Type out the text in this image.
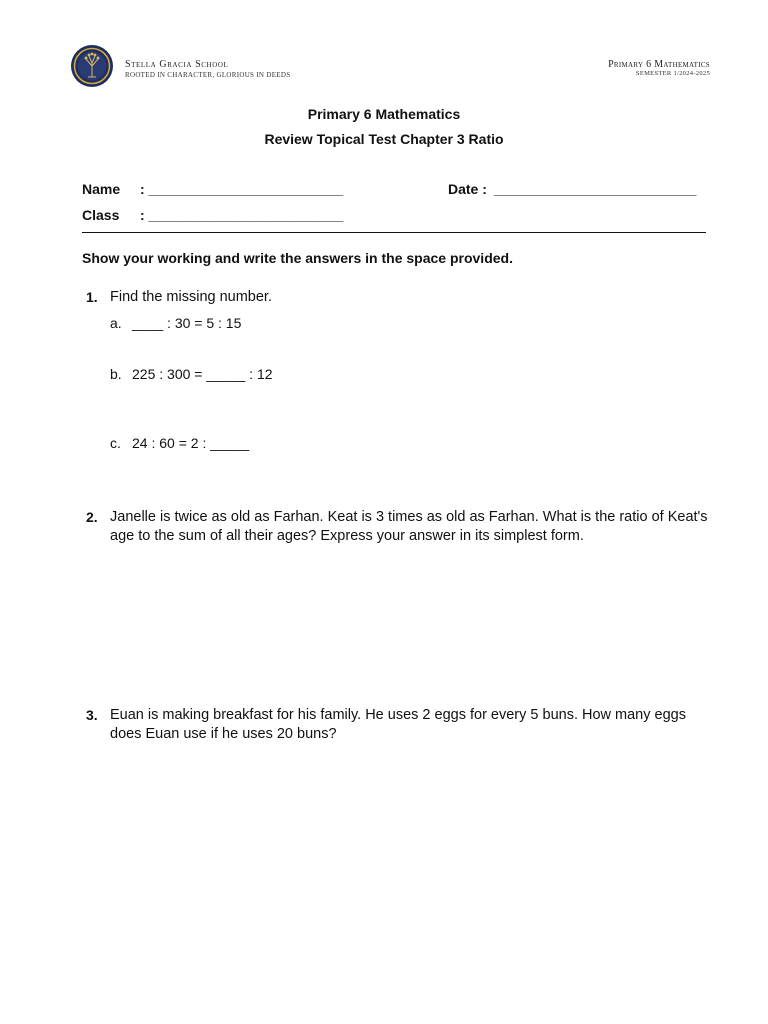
Stella Gracia School
ROOTED IN CHARACTER, GLORIOUS IN DEEDS
Primary 6 Mathematics
SEMESTER 1/2024-2025
Primary 6 Mathematics
Review Topical Test Chapter 3 Ratio
Name : _________________________	Date : __________________________
Class : _________________________
Show your working and write the answers in the space provided.
1. Find the missing number.
a. ____ : 30 = 5 : 15
b. 225 : 300 = _____ : 12
c. 24 : 60 = 2 : _____
2. Janelle is twice as old as Farhan. Keat is 3 times as old as Farhan. What is the ratio of Keat's age to the sum of all their ages? Express your answer in its simplest form.
3. Euan is making breakfast for his family. He uses 2 eggs for every 5 buns. How many eggs does Euan use if he uses 20 buns?
